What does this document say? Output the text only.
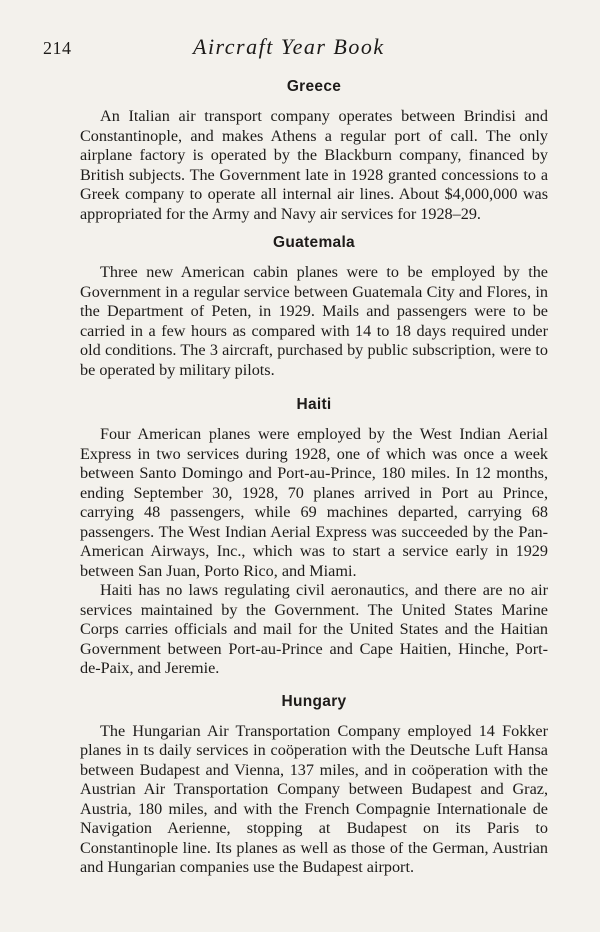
214	Aircraft Year Book
Greece

An Italian air transport company operates between Brindisi and Constantinople, and makes Athens a regular port of call. The only airplane factory is operated by the Blackburn company, financed by British subjects. The Government late in 1928 granted concessions to a Greek company to operate all internal air lines. About $4,000,000 was appropriated for the Army and Navy air services for 1928–29.

Guatemala

Three new American cabin planes were to be employed by the Government in a regular service between Guatemala City and Flores, in the Department of Peten, in 1929. Mails and passengers were to be carried in a few hours as compared with 14 to 18 days required under old conditions. The 3 aircraft, purchased by public subscription, were to be operated by military pilots.

Haiti

Four American planes were employed by the West Indian Aerial Express in two services during 1928, one of which was once a week between Santo Domingo and Port-au-Prince, 180 miles. In 12 months, ending September 30, 1928, 70 planes arrived in Port au Prince, carrying 48 passengers, while 69 machines departed, carrying 68 passengers. The West Indian Aerial Express was succeeded by the Pan-American Airways, Inc., which was to start a service early in 1929 between San Juan, Porto Rico, and Miami.

Haiti has no laws regulating civil aeronautics, and there are no air services maintained by the Government. The United States Marine Corps carries officials and mail for the United States and the Haitian Government between Port-au-Prince and Cape Haitien, Hinche, Port-de-Paix, and Jeremie.

Hungary

The Hungarian Air Transportation Company employed 14 Fokker planes in ts daily services in coöperation with the Deutsche Luft Hansa between Budapest and Vienna, 137 miles, and in coöperation with the Austrian Air Transportation Company between Budapest and Graz, Austria, 180 miles, and with the French Compagnie Internationale de Navigation Aerienne, stopping at Budapest on its Paris to Constantinople line. Its planes as well as those of the German, Austrian and Hungarian companies use the Budapest airport.
